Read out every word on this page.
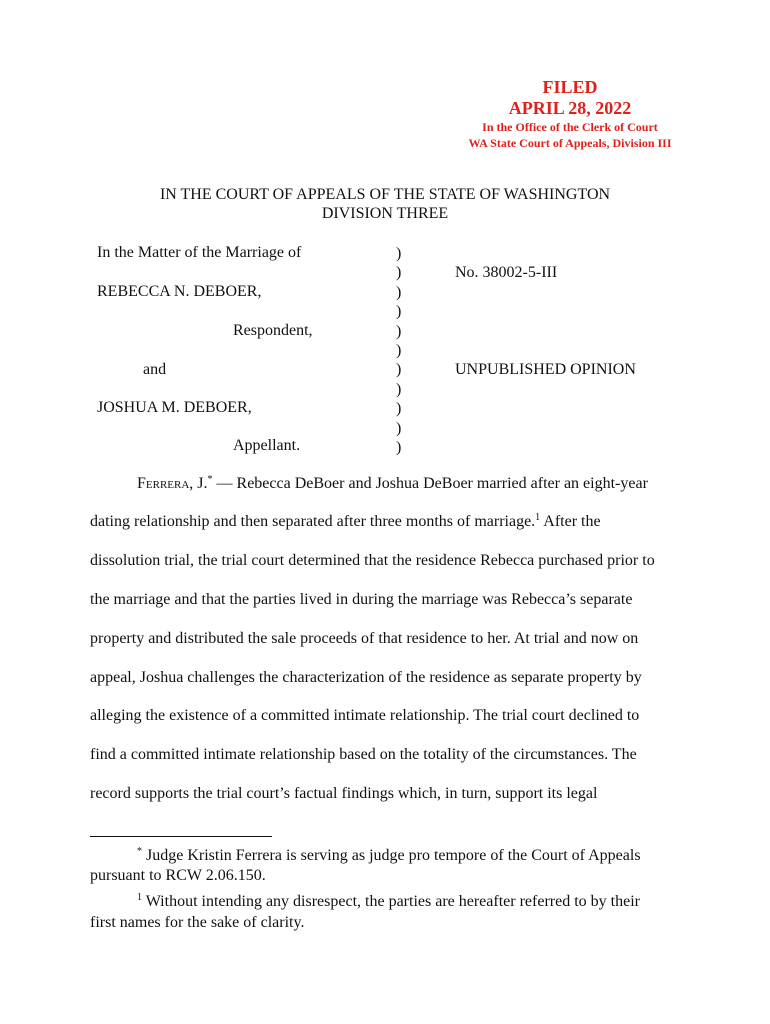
FILED
APRIL 28, 2022
In the Office of the Clerk of Court
WA State Court of Appeals, Division III
IN THE COURT OF APPEALS OF THE STATE OF WASHINGTON
DIVISION THREE
In the Matter of the Marriage of
REBECCA N. DEBOER,
Respondent,
and
JOSHUA M. DEBOER,
Appellant.
)
)
)
)
)
)
)
)
)
)
)
No. 38002-5-III
UNPUBLISHED OPINION
Ferrera, J.* — Rebecca DeBoer and Joshua DeBoer married after an eight-year
dating relationship and then separated after three months of marriage.$^1$ After the
dissolution trial, the trial court determined that the residence Rebecca purchased prior to
the marriage and that the parties lived in during the marriage was Rebecca’s separate
property and distributed the sale proceeds of that residence to her. At trial and now on
appeal, Joshua challenges the characterization of the residence as separate property by
alleging the existence of a committed intimate relationship. The trial court declined to
find a committed intimate relationship based on the totality of the circumstances. The
record supports the trial court’s factual findings which, in turn, support its legal
* Judge Kristin Ferrera is serving as judge pro tempore of the Court of Appeals
pursuant to RCW 2.06.150.
$^1$ Without intending any disrespect, the parties are hereafter referred to by their
first names for the sake of clarity.
